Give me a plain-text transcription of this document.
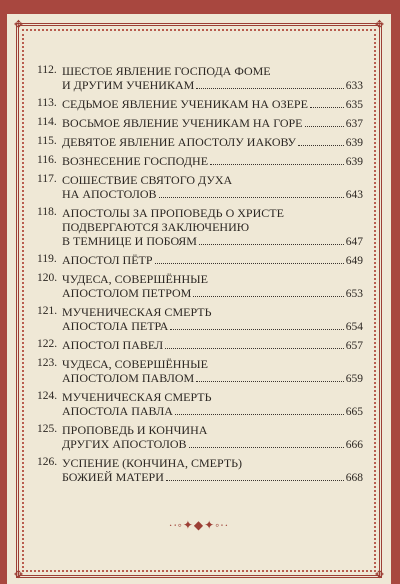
✥	✥
✥	✥
112. ШЕСТОЕ ЯВЛЕНИЕ ГОСПОДА ФОМЕ
И ДРУГИМ УЧЕНИКАМ	633
113. СЕДЬМОЕ ЯВЛЕНИЕ УЧЕНИКАМ НА ОЗЕРЕ	635
114. ВОСЬМОЕ ЯВЛЕНИЕ УЧЕНИКАМ НА ГОРЕ	637
115. ДЕВЯТОЕ ЯВЛЕНИЕ АПОСТОЛУ ИАКОВУ	639
116. ВОЗНЕСЕНИЕ ГОСПОДНЕ	639
117. СОШЕСТВИЕ СВЯТОГО ДУХА
НА АПОСТОЛОВ	643
118. АПОСТОЛЫ ЗА ПРОПОВЕДЬ О ХРИСТЕ
ПОДВЕРГАЮТСЯ ЗАКЛЮЧЕНИЮ
В ТЕМНИЦЕ И ПОБОЯМ	647
119. АПОСТОЛ ПЁТР	649
120. ЧУДЕСА, СОВЕРШЁННЫЕ
АПОСТОЛОМ ПЕТРОМ	653
121. МУЧЕНИЧЕСКАЯ СМЕРТЬ
АПОСТОЛА ПЕТРА	654
122. АПОСТОЛ ПАВЕЛ	657
123. ЧУДЕСА, СОВЕРШЁННЫЕ
АПОСТОЛОМ ПАВЛОМ	659
124. МУЧЕНИЧЕСКАЯ СМЕРТЬ
АПОСТОЛА ПАВЛА	665
125. ПРОПОВЕДЬ И КОНЧИНА
ДРУГИХ АПОСТОЛОВ	666
126. УСПЕНИЕ (КОНЧИНА, СМЕРТЬ)
БОЖИЕЙ МАТЕРИ	668
·∙◦✦◆✦◦∙·
